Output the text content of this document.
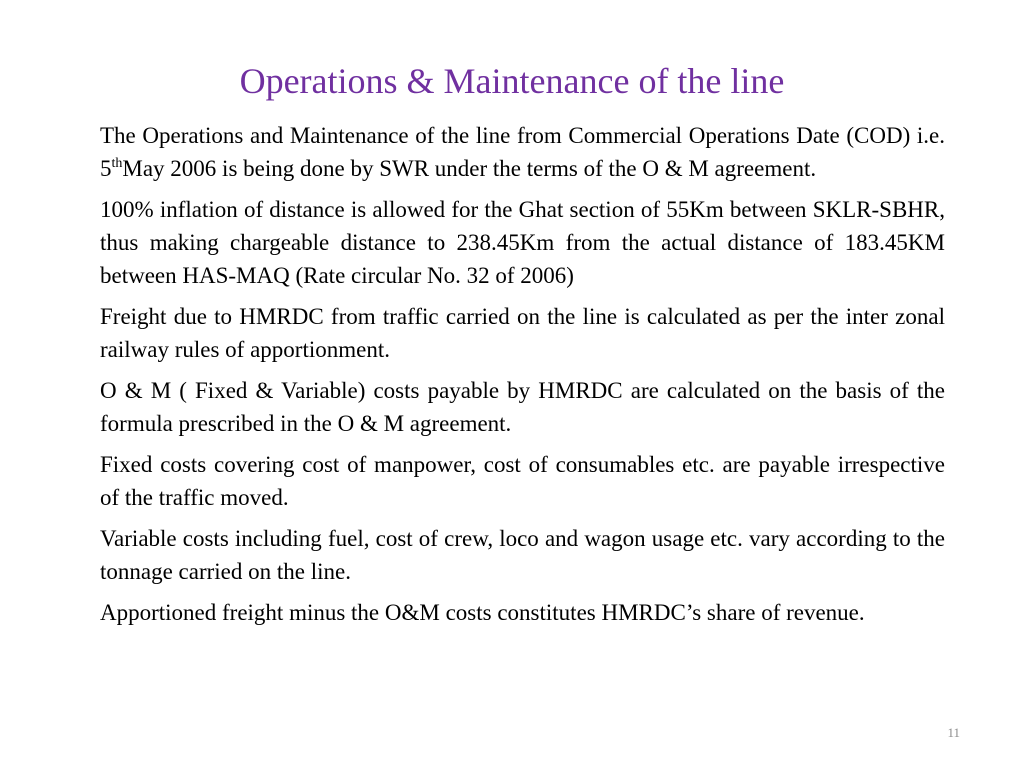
Operations & Maintenance of the line

The Operations and Maintenance of the line from Commercial Operations Date (COD) i.e. 5thMay 2006 is being done by SWR under the terms of the O & M agreement.

100% inflation of distance is allowed for the Ghat section of 55Km between SKLR-SBHR, thus making chargeable distance to 238.45Km from the actual distance of 183.45KM between HAS-MAQ (Rate circular No. 32 of 2006)

Freight due to HMRDC from traffic carried on the line is calculated as per the inter zonal railway rules of apportionment.

O & M ( Fixed & Variable) costs payable by HMRDC are calculated on the basis of the formula prescribed in the O & M agreement.

Fixed costs covering cost of manpower, cost of consumables etc. are payable irrespective of the traffic moved.

Variable costs including fuel, cost of crew, loco and wagon usage etc. vary according to the tonnage carried on the line.

Apportioned freight minus the O&M costs constitutes HMRDC’s share of revenue.

11
